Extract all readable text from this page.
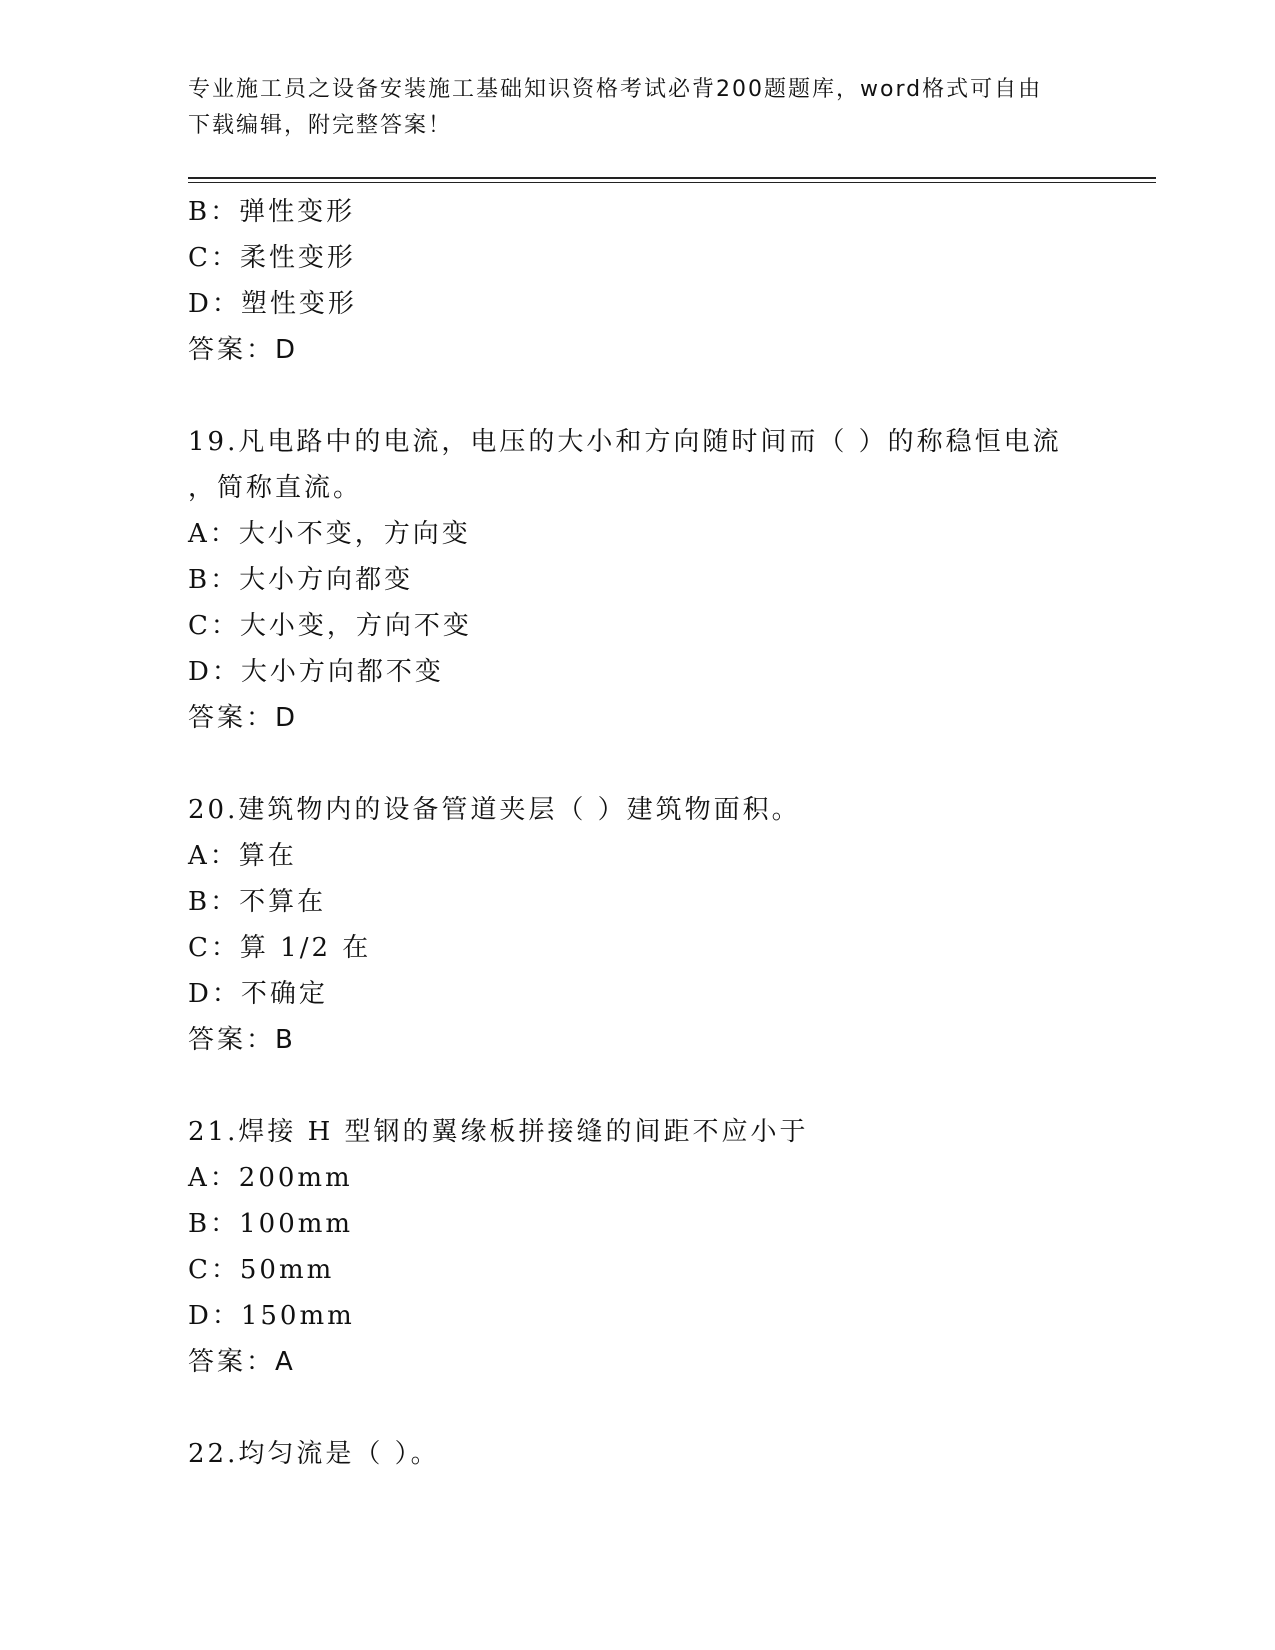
专业施工员之设备安装施工基础知识资格考试必背200题题库，word格式可自由
下载编辑，附完整答案！
B：弹性变形
C：柔性变形
D：塑性变形
答案：D
19.凡电路中的电流，电压的大小和方向随时间而（ ）的称稳恒电流
，简称直流。
A：大小不变，方向变
B：大小方向都变
C：大小变，方向不变
D：大小方向都不变
答案：D
20.建筑物内的设备管道夹层（ ）建筑物面积。
A：算在
B：不算在
C：算 1/2 在
D：不确定
答案：B
21.焊接 H 型钢的翼缘板拼接缝的间距不应小于
A：200mm
B：100mm
C：50mm
D：150mm
答案：A
22.均匀流是（ ）。
